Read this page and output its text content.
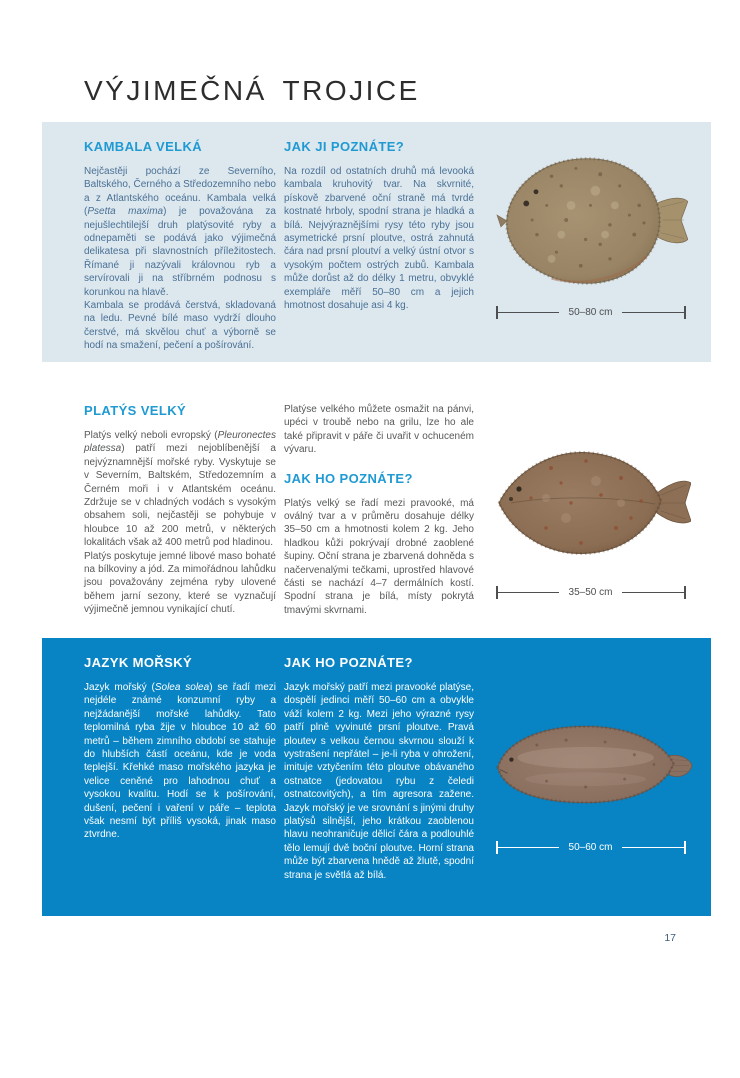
VÝJIMEČNÁ TROJICE
KAMBALA VELKÁ

Nejčastěji pochází ze Severního, Baltského, Černého a Středozemního nebo a z Atlantského oceánu. Kambala velká (Psetta maxima) je považována za nejušlechtilejší druh platýsovité ryby a odnepaměti se podává jako výjimečná delikatesa při slavnostních příležitostech. Římané ji nazývali královnou ryb a servírovali ji na stříbrném podnosu s korunkou na hlavě.

Kambala se prodává čerstvá, skladovaná na ledu. Pevné bílé maso vydrží dlouho čerstvé, má skvělou chuť a výborně se hodí na smažení, pečení a pošírování.

JAK JI POZNÁTE?

Na rozdíl od ostatních druhů má levooká kambala kruhovitý tvar. Na skvrnité, pískově zbarvené oční straně má tvrdé kostnaté hrboly, spodní strana je hladká a bílá. Nejvýraznějšími rysy této ryby jsou asymetrické prsní ploutve, ostrá zahnutá čára nad prsní ploutví a velký ústní otvor s vysokým počtem ostrých zubů. Kambala může dorůst až do délky 1 metru, obvyklé exempláře měří 50–80 cm a jejich hmotnost dosahuje asi 4 kg.

50–80 cm
PLATÝS VELKÝ

Platýs velký neboli evropský (Pleuronectes platessa) patří mezi nejoblíbenější a nejvýznamnější mořské ryby. Vyskytuje se v Severním, Baltském, Středozemním a Černém moři i v Atlantském oceánu. Zdržuje se v chladných vodách s vysokým obsahem soli, nejčastěji se pohybuje v hloubce 10 až 200 metrů, v některých lokalitách však až 400 metrů pod hladinou.

Platýs poskytuje jemné libové maso bohaté na bílkoviny a jód. Za mimořádnou lahůdku jsou považovány zejména ryby ulovené během jarní sezony, které se vyznačují výjimečně jemnou vynikající chutí.

Platýse velkého můžete osmažit na pánvi, upéci v troubě nebo na grilu, lze ho ale také připravit v páře či uvařit v ochuceném vývaru.

JAK HO POZNÁTE?

Platýs velký se řadí mezi pravooké, má oválný tvar a v průměru dosahuje délky 35–50 cm a hmotnosti kolem 2 kg. Jeho hladkou kůži pokrývají drobné zaoblené šupiny. Oční strana je zbarvená dohněda s načervenalými tečkami, uprostřed hlavové části se nachází 4–7 dermálních kostí. Spodní strana je bílá, místy pokrytá tmavými skvrnami.

35–50 cm
JAZYK MOŘSKÝ

Jazyk mořský (Solea solea) se řadí mezi nejdéle známé konzumní ryby a nejžádanější mořské lahůdky. Tato teplomilná ryba žije v hloubce 10 až 60 metrů – během zimního období se stahuje do hlubších částí oceánu, kde je voda teplejší. Křehké maso mořského jazyka je velice ceněné pro lahodnou chuť a vysokou kvalitu. Hodí se k pošírování, dušení, pečení i vaření v páře – teplota však nesmí být příliš vysoká, jinak maso ztvrdne.

JAK HO POZNÁTE?

Jazyk mořský patří mezi pravooké platýse, dospělí jedinci měří 50–60 cm a obvykle váží kolem 2 kg. Mezi jeho výrazné rysy patří plně vyvinuté prsní ploutve. Pravá ploutev s velkou černou skvrnou slouží k vystrašení nepřátel – je-li ryba v ohrožení, imituje vztyčením této ploutve obávaného ostnatce (jedovatou rybu z čeledi ostnatcovitých), a tím agresora zažene. Jazyk mořský je ve srovnání s jinými druhy platýsů silnější, jeho krátkou zaoblenou hlavu neohraničuje dělicí čára a podlouhlé tělo lemují dvě boční ploutve. Horní strana může být zbarvena hnědě až žlutě, spodní strana je světlá až bílá.

50–60 cm
17
